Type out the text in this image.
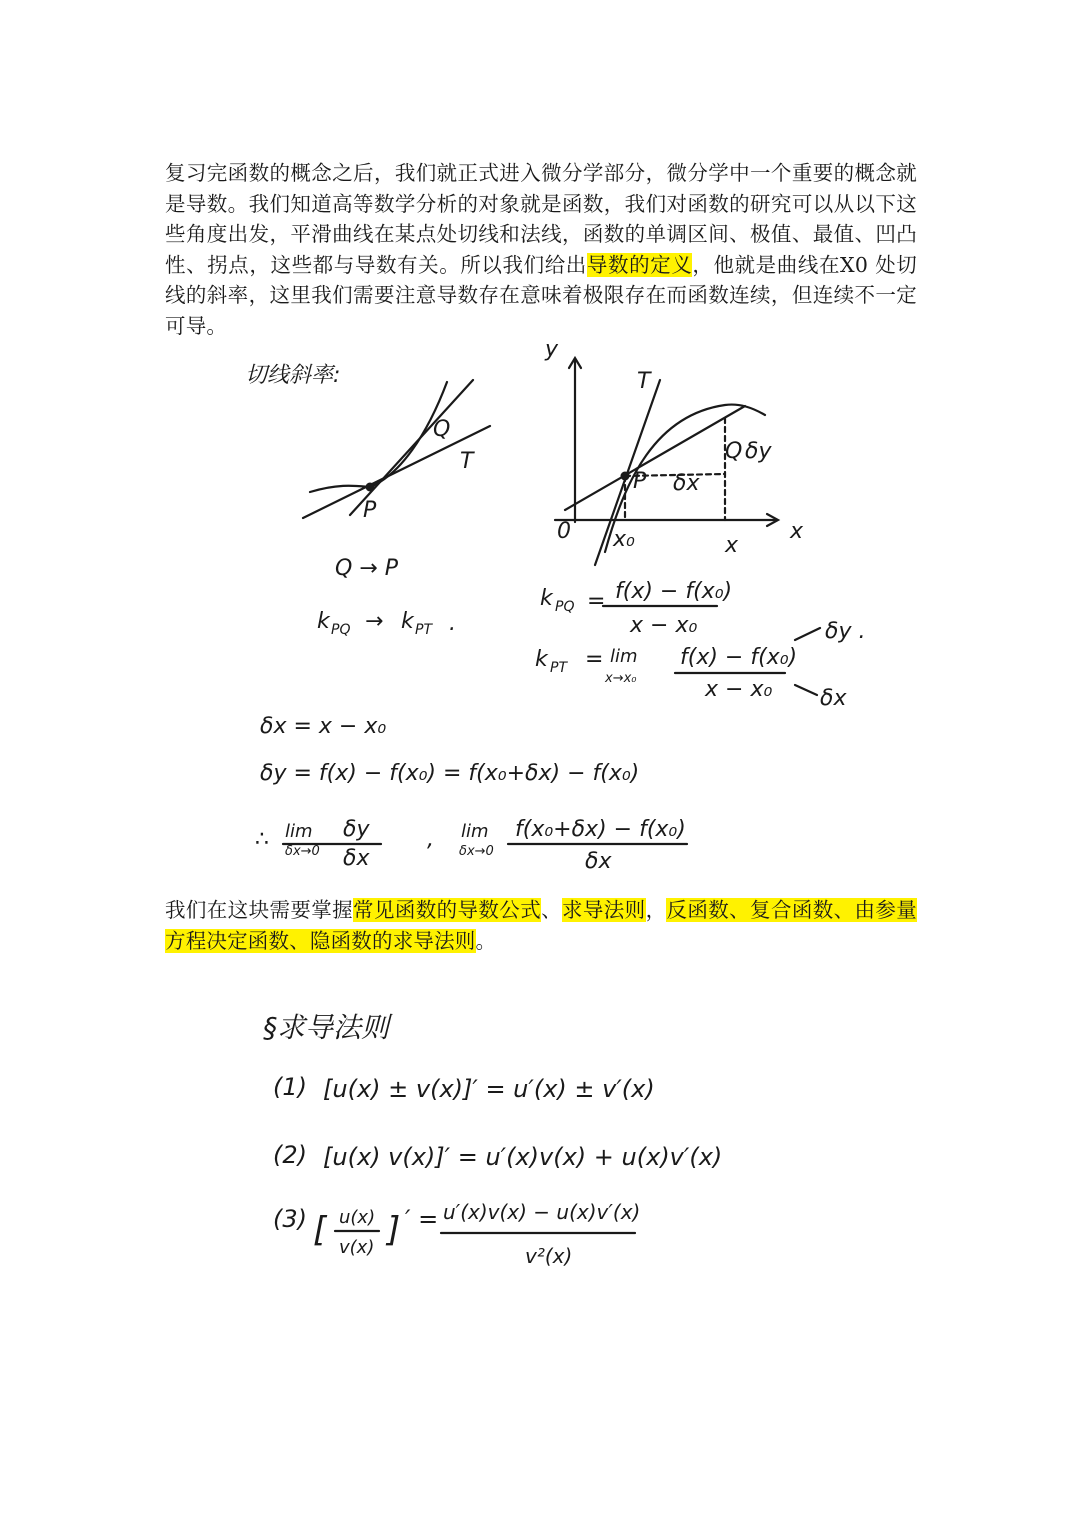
复习完函数的概念之后，我们就正式进入微分学部分，微分学中一个重要的概念就是导数。我们知道高等数学分析的对象就是函数，我们对函数的研究可以从以下这些角度出发，平滑曲线在某点处切线和法线，函数的单调区间、极值、最值、凹凸性、拐点，这些都与导数有关。所以我们给出导数的定义，他就是曲线在X0 处切线的斜率，这里我们需要注意导数存在意味着极限存在而函数连续，但连续不一定可导。
切线斜率:
Q
P
T
y
x
0
T
P
Q δy
δx
x₀	x
Q → P
k PQ → k PT .
k PQ = f(x) − f(x₀)
x − x₀
k PT = lim
x→x₀
f(x) − f(x₀)
x − x₀
δy .
δx
δx = x − x₀
δy = f(x) − f(x₀) = f(x₀+δx) − f(x₀)
∴ lim
δx→0
δy
δx
, lim
δx→0
f(x₀+δx) − f(x₀)
δx
我们在这块需要掌握常见函数的导数公式、求导法则，反函数、复合函数、由参量方程决定函数、隐函数的求导法则。
§求导法则
(1) [u(x) ± v(x)]′ = u′(x) ± v′(x)
(2) [u(x) v(x)]′ = u′(x)v(x) + u(x)v′(x)
(3) [ u(x)
v(x) ] ′ = u′(x)v(x) − u(x)v′(x)
v²(x)
